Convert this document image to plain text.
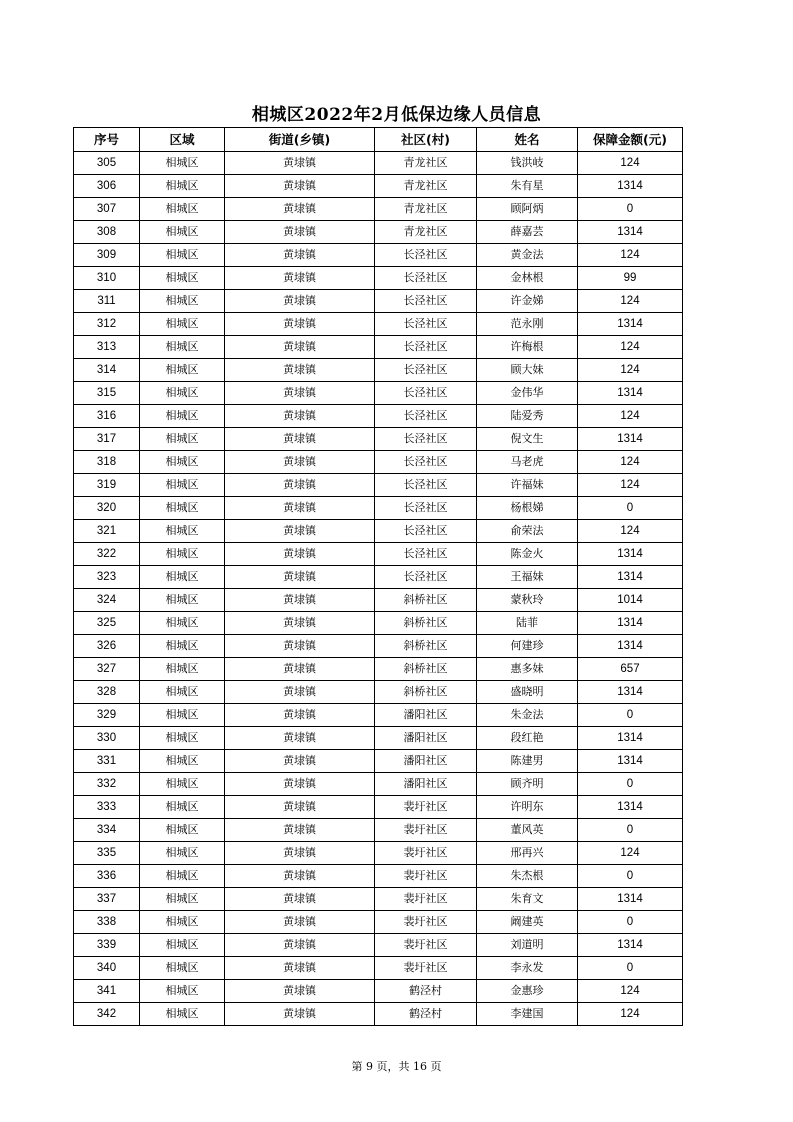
相城区2022年2月低保边缘人员信息
序号	区域	街道(乡镇)	社区(村)	姓名	保障金额(元)
305	相城区	黄埭镇	青龙社区	钱洪岐	124
306	相城区	黄埭镇	青龙社区	朱有星	1314
307	相城区	黄埭镇	青龙社区	顾阿炳	0
308	相城区	黄埭镇	青龙社区	薛嘉芸	1314
309	相城区	黄埭镇	长泾社区	黄金法	124
310	相城区	黄埭镇	长泾社区	金林根	99
311	相城区	黄埭镇	长泾社区	许金娣	124
312	相城区	黄埭镇	长泾社区	范永刚	1314
313	相城区	黄埭镇	长泾社区	许梅根	124
314	相城区	黄埭镇	长泾社区	顾大妹	124
315	相城区	黄埭镇	长泾社区	金伟华	1314
316	相城区	黄埭镇	长泾社区	陆爱秀	124
317	相城区	黄埭镇	长泾社区	倪文生	1314
318	相城区	黄埭镇	长泾社区	马老虎	124
319	相城区	黄埭镇	长泾社区	许福妹	124
320	相城区	黄埭镇	长泾社区	杨根娣	0
321	相城区	黄埭镇	长泾社区	俞荣法	124
322	相城区	黄埭镇	长泾社区	陈金火	1314
323	相城区	黄埭镇	长泾社区	王福妹	1314
324	相城区	黄埭镇	斜桥社区	蒙秋玲	1014
325	相城区	黄埭镇	斜桥社区	陆菲	1314
326	相城区	黄埭镇	斜桥社区	何建珍	1314
327	相城区	黄埭镇	斜桥社区	惠多妹	657
328	相城区	黄埭镇	斜桥社区	盛晓明	1314
329	相城区	黄埭镇	潘阳社区	朱金法	0
330	相城区	黄埭镇	潘阳社区	段红艳	1314
331	相城区	黄埭镇	潘阳社区	陈建男	1314
332	相城区	黄埭镇	潘阳社区	顾齐明	0
333	相城区	黄埭镇	裴圩社区	许明东	1314
334	相城区	黄埭镇	裴圩社区	董风英	0
335	相城区	黄埭镇	裴圩社区	邢再兴	124
336	相城区	黄埭镇	裴圩社区	朱杰根	0
337	相城区	黄埭镇	裴圩社区	朱育文	1314
338	相城区	黄埭镇	裴圩社区	阚建英	0
339	相城区	黄埭镇	裴圩社区	刘道明	1314
340	相城区	黄埭镇	裴圩社区	李永发	0
341	相城区	黄埭镇	鹤泾村	金惠珍	124
342	相城区	黄埭镇	鹤泾村	李建国	124
第 9 页，共 16 页
